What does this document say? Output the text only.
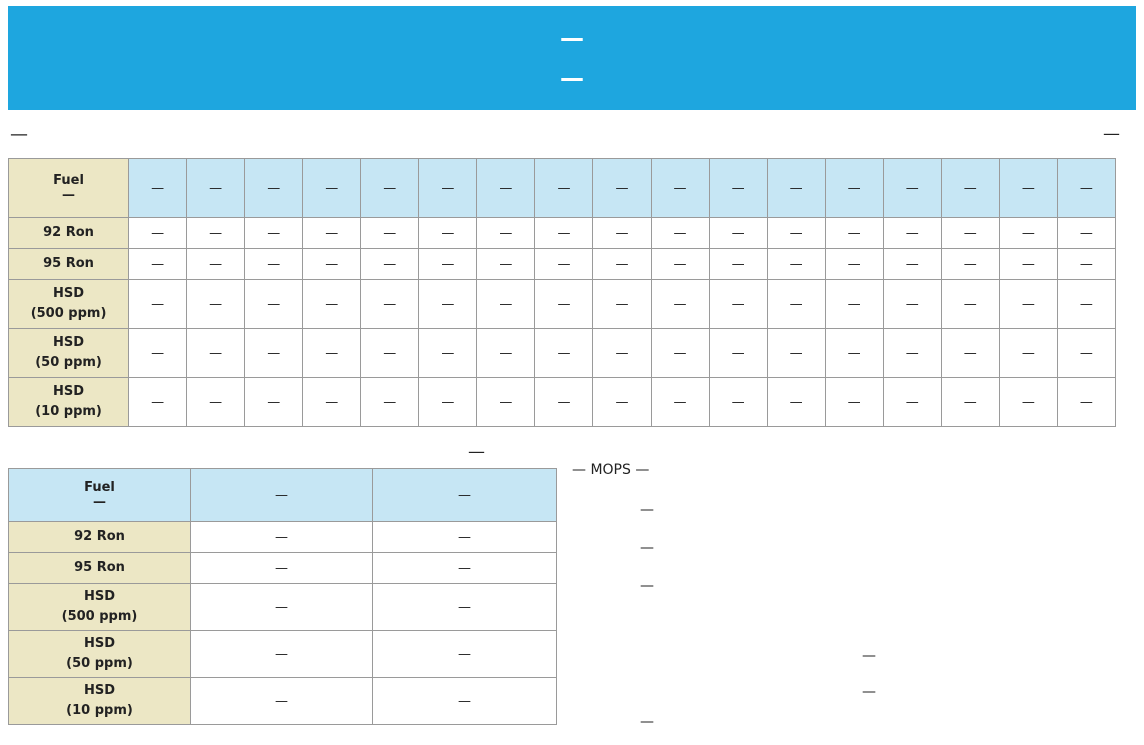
—
—
—	—
Fuel
—	—	—	—	—	—	—	—	—	—	—	—	—	—	—	—	—	—

92 Ron	—	—	—	—	—	—	—	—	—	—	—	—	—	—	—	—	—

95 Ron	—	—	—	—	—	—	—	—	—	—	—	—	—	—	—	—	—

HSD
(500 ppm)	—	—	—	—	—	—	—	—	—	—	—	—	—	—	—	—	—

HSD
(50 ppm)	—	—	—	—	—	—	—	—	—	—	—	—	—	—	—	—	—

HSD
(10 ppm)	—	—	—	—	—	—	—	—	—	—	—	—	—	—	—	—	—
—
Fuel
—	—	—

92 Ron	—	—

95 Ron	—	—

HSD
(500 ppm)	—	—

HSD
(50 ppm)	—	—

HSD
(10 ppm)	—	—
— MOPS —
—
—
—
—
—
—
